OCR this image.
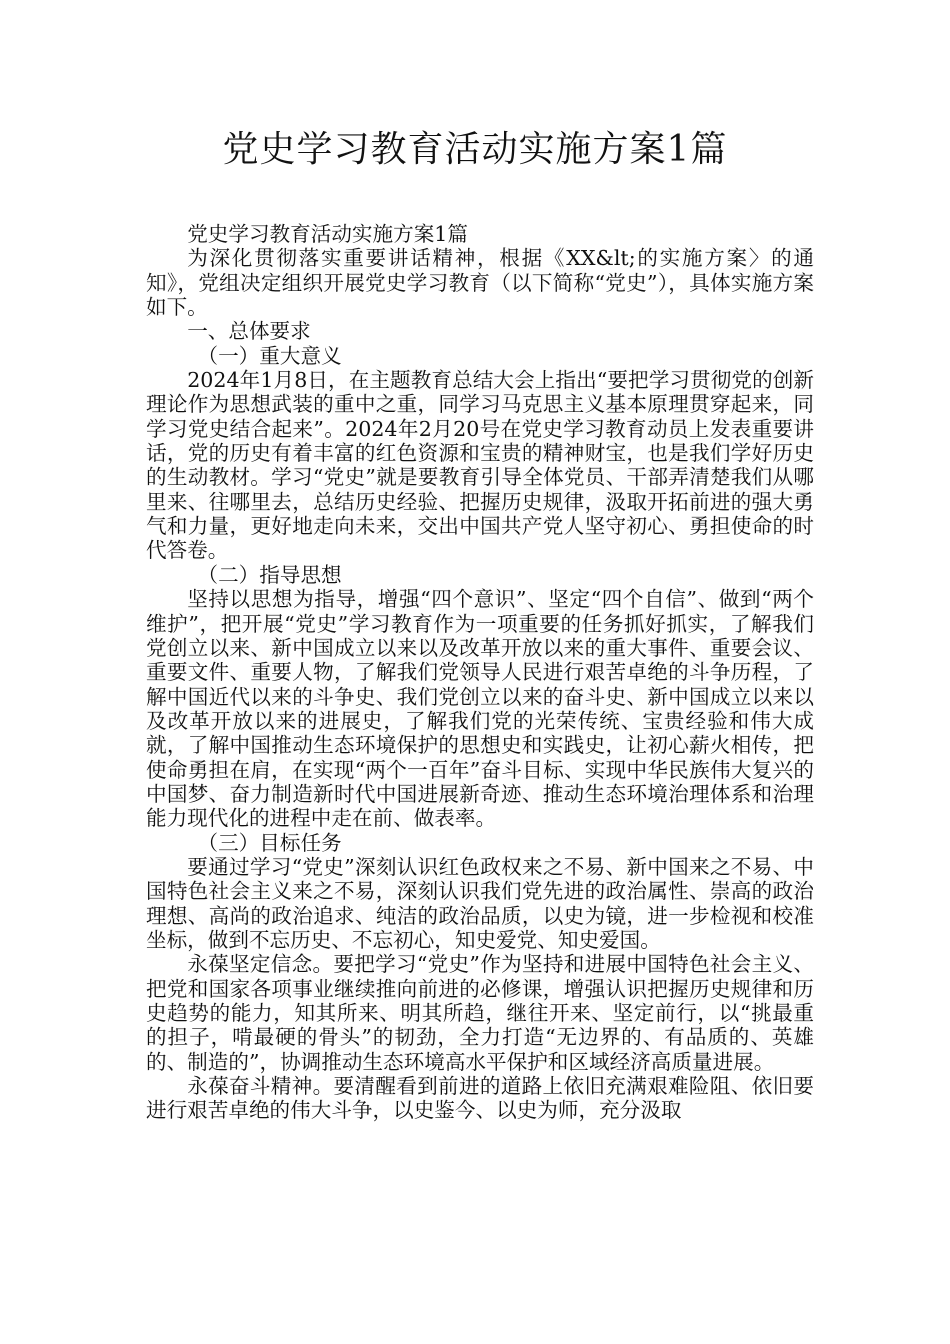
党史学习教育活动实施方案1篇

党史学习教育活动实施方案1篇

为深化贯彻落实重要讲话精神，根据《XX&lt;的实施方案〉的通知》，党组决定组织开展党史学习教育（以下简称“党史”），具体实施方案如下。

一、总体要求

（一）重大意义

2024年1月8日，在主题教育总结大会上指出“要把学习贯彻党的创新理论作为思想武装的重中之重，同学习马克思主义基本原理贯穿起来，同学习党史结合起来”。2024年2月20号在党史学习教育动员上发表重要讲话，党的历史有着丰富的红色资源和宝贵的精神财宝，也是我们学好历史的生动教材。学习“党史”就是要教育引导全体党员、干部弄清楚我们从哪里来、往哪里去，总结历史经验、把握历史规律，汲取开拓前进的强大勇气和力量，更好地走向未来，交出中国共产党人坚守初心、勇担使命的时代答卷。

（二）指导思想

坚持以思想为指导，增强“四个意识”、坚定“四个自信”、做到“两个维护”，把开展“党史”学习教育作为一项重要的任务抓好抓实，了解我们党创立以来、新中国成立以来以及改革开放以来的重大事件、重要会议、重要文件、重要人物，了解我们党领导人民进行艰苦卓绝的斗争历程，了解中国近代以来的斗争史、我们党创立以来的奋斗史、新中国成立以来以及改革开放以来的进展史，了解我们党的光荣传统、宝贵经验和伟大成就，了解中国推动生态环境保护的思想史和实践史，让初心薪火相传，把使命勇担在肩，在实现“两个一百年”奋斗目标、实现中华民族伟大复兴的中国梦、奋力制造新时代中国进展新奇迹、推动生态环境治理体系和治理能力现代化的进程中走在前、做表率。

（三）目标任务

要通过学习“党史”深刻认识红色政权来之不易、新中国来之不易、中国特色社会主义来之不易，深刻认识我们党先进的政治属性、崇高的政治理想、高尚的政治追求、纯洁的政治品质，以史为镜，进一步检视和校准坐标，做到不忘历史、不忘初心，知史爱党、知史爱国。

永葆坚定信念。要把学习“党史”作为坚持和进展中国特色社会主义、把党和国家各项事业继续推向前进的必修课，增强认识把握历史规律和历史趋势的能力，知其所来、明其所趋，继往开来、坚定前行，以“挑最重的担子，啃最硬的骨头”的韧劲，全力打造“无边界的、有品质的、英雄的、制造的”，协调推动生态环境高水平保护和区域经济高质量进展。

永葆奋斗精神。要清醒看到前进的道路上依旧充满艰难险阻、依旧要进行艰苦卓绝的伟大斗争，以史鉴今、以史为师，充分汲取
